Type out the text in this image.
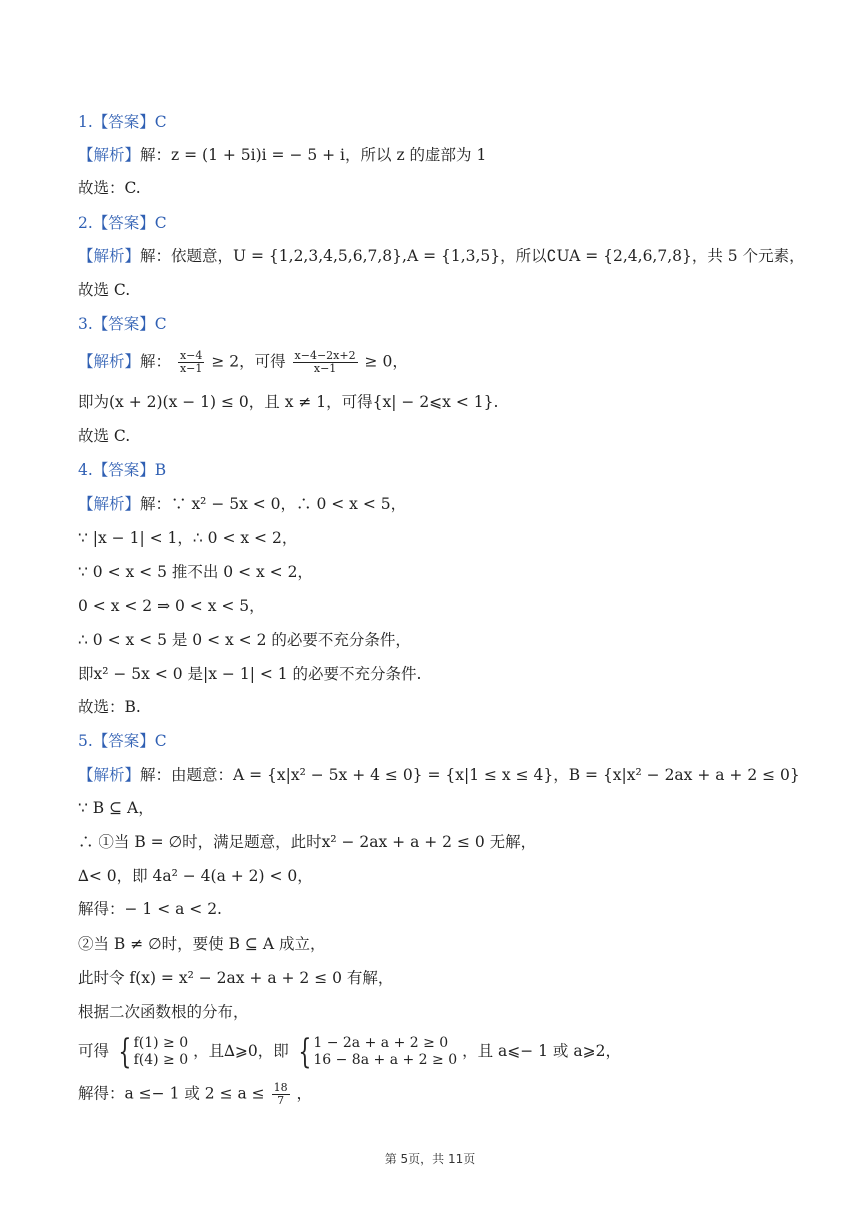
1.【答案】C
【解析】解：z = (1 + 5i)i = − 5 + i，所以 z 的虚部为 1
故选：C.
2.【答案】C
【解析】解：依题意，U = {1,2,3,4,5,6,7,8},A = {1,3,5}，所以∁UA = {2,4,6,7,8}，共 5 个元素，
故选 C.
3.【答案】C
【解析】解： $\frac{x-4}{x-1} \ge 2$，可得 $\frac{x-4-2x+2}{x-1} \ge 0$，
即为(x + 2)(x − 1) ≤ 0，且 x ≠ 1，可得{x| − 2⩽x < 1}.
故选 C.
4.【答案】B
【解析】解：∵ x² − 5x < 0，∴ 0 < x < 5，
∵ |x − 1| < 1，∴ 0 < x < 2，
∵ 0 < x < 5 推不出 0 < x < 2，
0 < x < 2 ⇒ 0 < x < 5，
∴ 0 < x < 5 是 0 < x < 2 的必要不充分条件，
即x² − 5x < 0 是|x − 1| < 1 的必要不充分条件.
故选：B.
5.【答案】C
【解析】解：由题意：A = {x|x² − 5x + 4 ≤ 0} = {x|1 ≤ x ≤ 4}，B = {x|x² − 2ax + a + 2 ≤ 0}
∵ B ⊆ A，
∴ ①当 B = ∅时，满足题意，此时x² − 2ax + a + 2 ≤ 0 无解，
∆< 0，即 4a² − 4(a + 2) < 0，
解得：− 1 < a < 2.
②当 B ≠ ∅时，要使 B ⊆ A 成立，
此时令 f(x) = x² − 2ax + a + 2 ≤ 0 有解，
根据二次函数根的分布，
可得 { f(1) ≥ 0
f(4) ≥ 0 ，且∆⩾0，即 { 1 − 2a + a + 2 ≥ 0
16 − 8a + a + 2 ≥ 0 ，且 a⩽− 1 或 a⩾2，
解得：a ≤− 1 或 $2 \le a \le \frac{18}{7}$ ，
第 5页，共 11页
